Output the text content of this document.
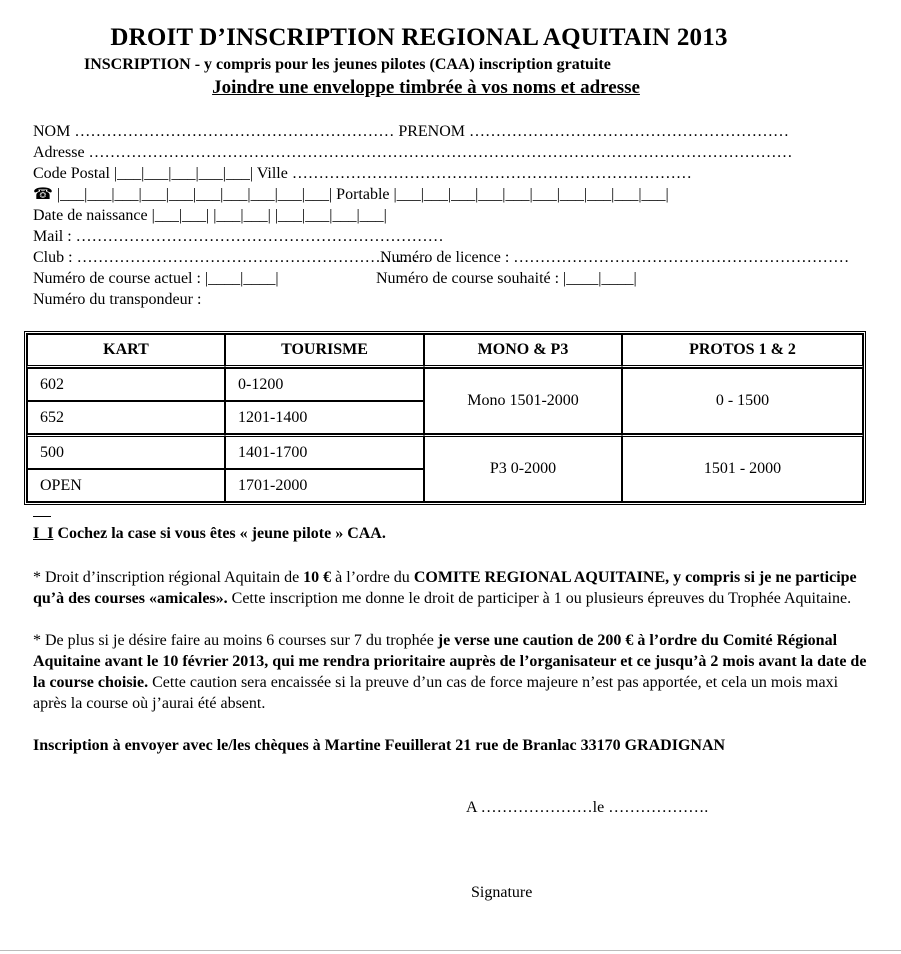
DROIT D’INSCRIPTION REGIONAL AQUITAIN 2013
INSCRIPTION - y compris pour les jeunes pilotes (CAA) inscription gratuite
Joindre une enveloppe timbrée à vos noms et adresse
NOM …………………………………………………… PRENOM ……………………………………………………
Adresse ……………………………………………………………………………………………………………………
Code Postal |___|___|___|___|___| Ville …………………………………………………………………
☎ |___|___|___|___|___|___|___|___|___|___| Portable |___|___|___|___|___|___|___|___|___|___|
Date de naissance |___|___| |___|___| |___|___|___|___|
Mail : ……………………………………………………………
Club : …………………………………………………………
Numéro de licence : ………………………………………………………
Numéro de course actuel : |____|____|	Numéro de course souhaité : |____|____|
Numéro du transpondeur :
KART	TOURISME	MONO & P3	PROTOS 1 & 2
602	0-1200	Mono 1501-2000	0 - 1500
652	1201-1400		
500	1401-1700	P3 0-2000	1501 - 2000
OPEN	1701-2000		
I_I Cochez la case si vous êtes « jeune pilote » CAA.
* Droit d’inscription régional Aquitain de 10 € à l’ordre du COMITE REGIONAL AQUITAINE, y compris si je ne participe qu’à des courses «amicales». Cette inscription me donne le droit de participer à 1 ou plusieurs épreuves du Trophée Aquitaine.
* De plus si je désire faire au moins 6 courses sur 7 du trophée je verse une caution de 200 € à l’ordre du Comité Régional Aquitaine avant le 10 février 2013, qui me rendra prioritaire auprès de l’organisateur et ce jusqu’à 2 mois avant la date de la course choisie. Cette caution sera encaissée si la preuve d’un cas de force majeure n’est pas apportée, et cela un mois maxi après la course où j’aurai été absent.
Inscription à envoyer avec le/les chèques à Martine Feuillerat 21 rue de Branlac 33170 GRADIGNAN
A …………………le ……………….
Signature
